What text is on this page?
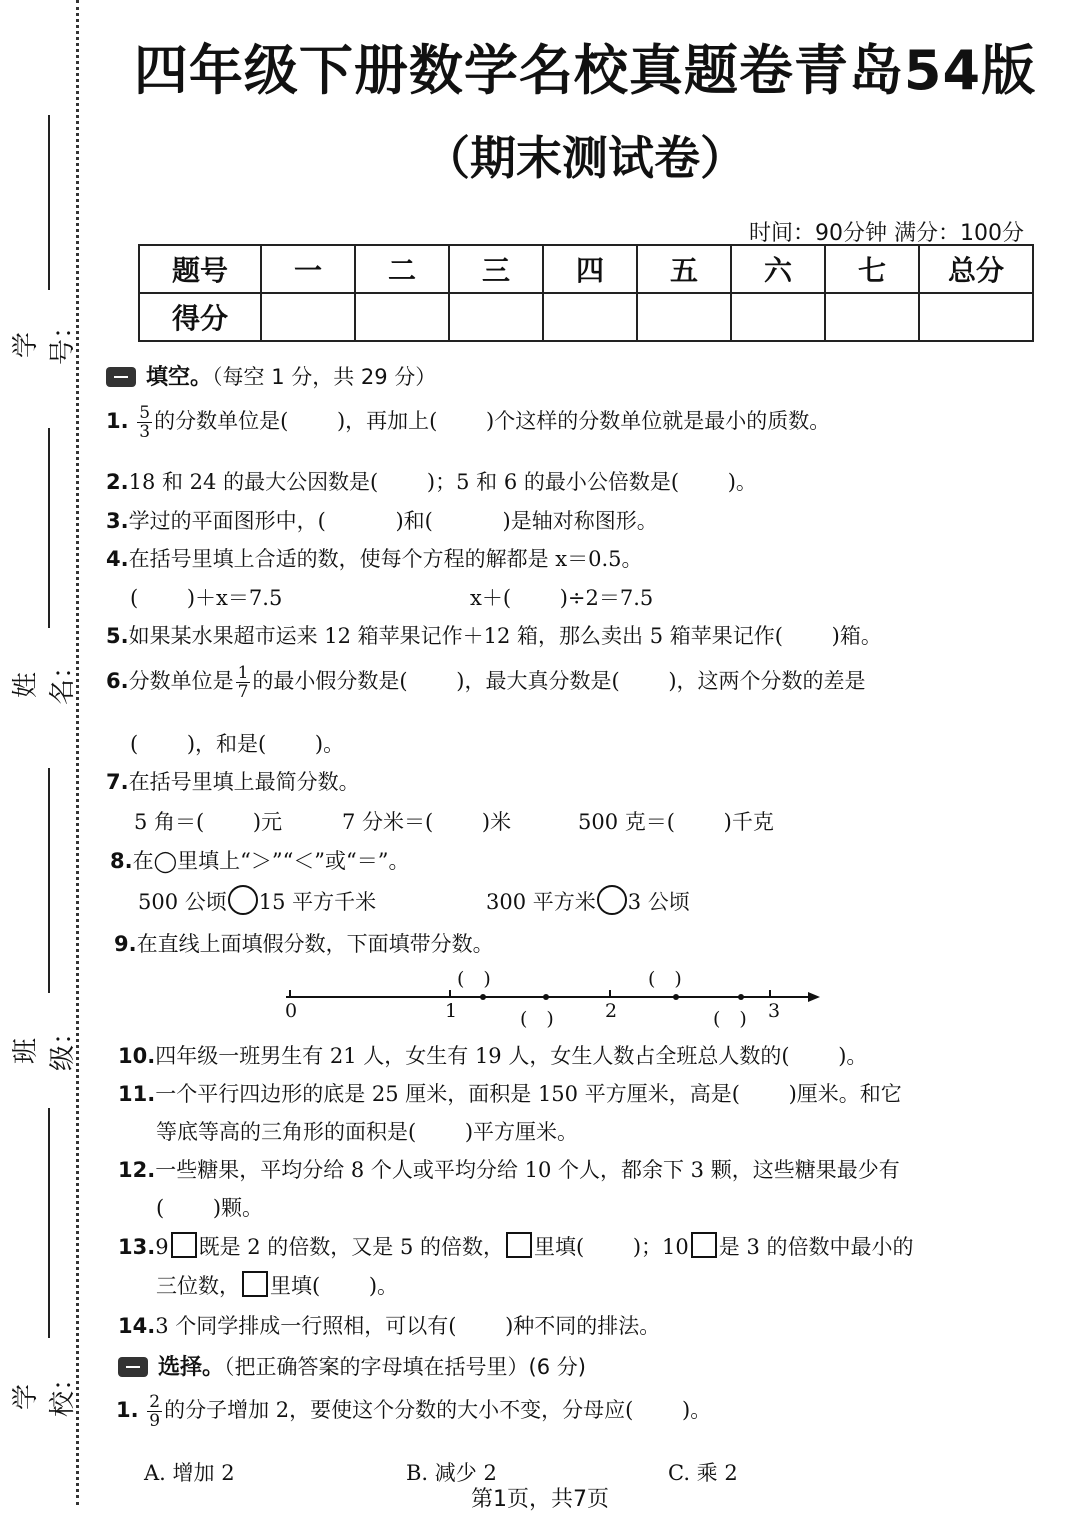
学号：
姓名：
班级：
学校：
四年级下册数学名校真题卷青岛54版
（期末测试卷）
时间：90分钟 满分：100分
题号	一	二	三	四	五	六	七	总分
得分								
填空。（每空 1 分，共 29 分）
1. $\frac{5}{3}$ 的分数单位是(　　 )，再加上(　　 )个这样的分数单位就是最小的质数。
2.18 和 24 的最大公因数是(　　 )；5 和 6 的最小公倍数是(　　 )。
3.学过的平面图形中，(　　　 )和(　　　 )是轴对称图形。
4.在括号里填上合适的数，使每个方程的解都是 x＝0.5。
(　　 )＋x＝7.5	x＋(　　 )÷2＝7.5
5.如果某水果超市运来 12 箱苹果记作＋12 箱，那么卖出 5 箱苹果记作(　　 )箱。
6.分数单位是 $\frac{1}{7}$ 的最小假分数是(　　 )，最大真分数是(　　 )，这两个分数的差是
(　　 )，和是(　　 )。
7.在括号里填上最简分数。
5 角＝(　　 )元	7 分米＝(　　 )米	500 克＝(　　 )千克
8.在◯里填上“＞”“＜”或“＝”。
500 公顷 15 平方千米	300 平方米 3 公顷
9.在直线上面填假分数，下面填带分数。
0	1	2	3
(　)	(　)
(　)	(　)
10.四年级一班男生有 21 人，女生有 19 人，女生人数占全班总人数的(　　 )。
11.一个平行四边形的底是 25 厘米，面积是 150 平方厘米，高是(　　 )厘米。和它
等底等高的三角形的面积是(　　 )平方厘米。
12.一些糖果，平均分给 8 个人或平均分给 10 个人，都余下 3 颗，这些糖果最少有
(　　 )颗。
13.9 既是 2 的倍数，又是 5 的倍数， 里填(　　 )；10 是 3 的倍数中最小的
三位数， 里填(　　 )。
14.3 个同学排成一行照相，可以有(　　 )种不同的排法。
选择。（把正确答案的字母填在括号里）(6 分)
1. $\frac{2}{9}$ 的分子增加 2，要使这个分数的大小不变，分母应(　　 )。
A. 增加 2	B. 减少 2	C. 乘 2
第1页，共7页
